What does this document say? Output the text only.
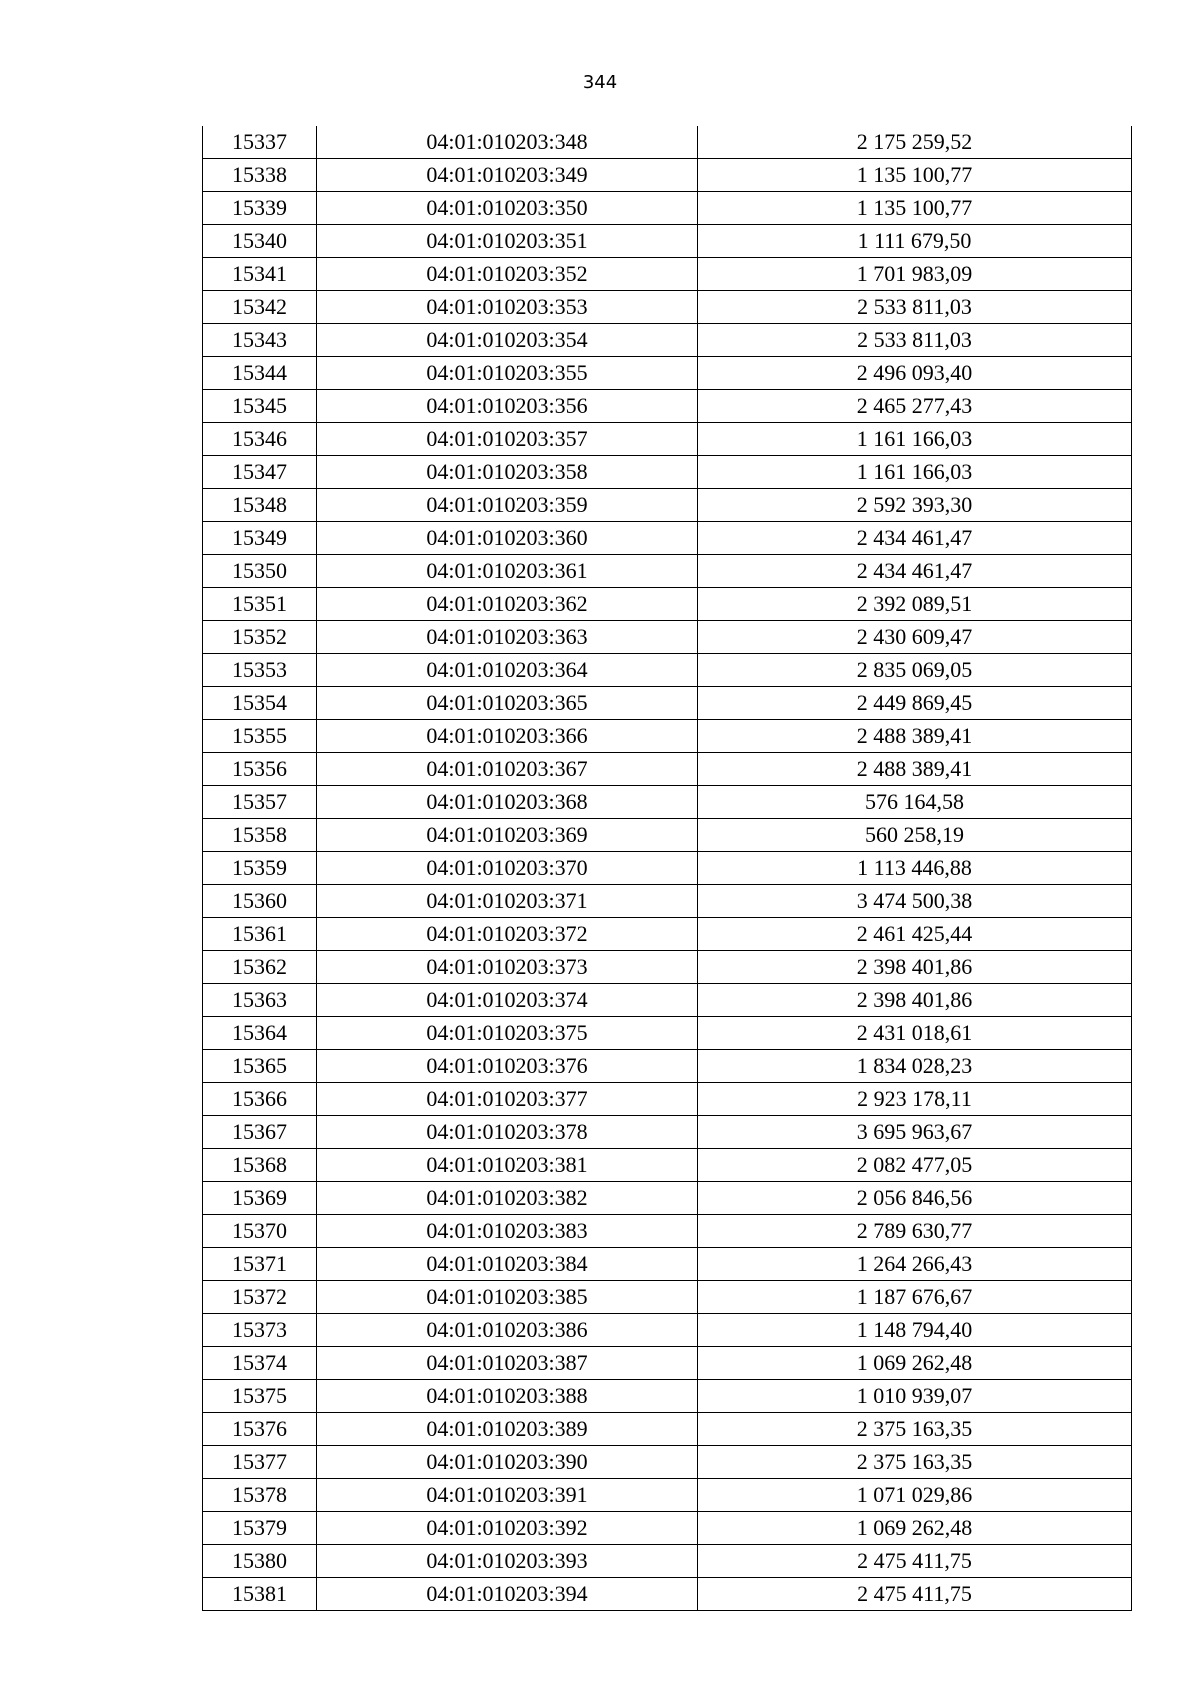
344
15337	04:01:010203:348	2 175 259,52
15338	04:01:010203:349	1 135 100,77
15339	04:01:010203:350	1 135 100,77
15340	04:01:010203:351	1 111 679,50
15341	04:01:010203:352	1 701 983,09
15342	04:01:010203:353	2 533 811,03
15343	04:01:010203:354	2 533 811,03
15344	04:01:010203:355	2 496 093,40
15345	04:01:010203:356	2 465 277,43
15346	04:01:010203:357	1 161 166,03
15347	04:01:010203:358	1 161 166,03
15348	04:01:010203:359	2 592 393,30
15349	04:01:010203:360	2 434 461,47
15350	04:01:010203:361	2 434 461,47
15351	04:01:010203:362	2 392 089,51
15352	04:01:010203:363	2 430 609,47
15353	04:01:010203:364	2 835 069,05
15354	04:01:010203:365	2 449 869,45
15355	04:01:010203:366	2 488 389,41
15356	04:01:010203:367	2 488 389,41
15357	04:01:010203:368	576 164,58
15358	04:01:010203:369	560 258,19
15359	04:01:010203:370	1 113 446,88
15360	04:01:010203:371	3 474 500,38
15361	04:01:010203:372	2 461 425,44
15362	04:01:010203:373	2 398 401,86
15363	04:01:010203:374	2 398 401,86
15364	04:01:010203:375	2 431 018,61
15365	04:01:010203:376	1 834 028,23
15366	04:01:010203:377	2 923 178,11
15367	04:01:010203:378	3 695 963,67
15368	04:01:010203:381	2 082 477,05
15369	04:01:010203:382	2 056 846,56
15370	04:01:010203:383	2 789 630,77
15371	04:01:010203:384	1 264 266,43
15372	04:01:010203:385	1 187 676,67
15373	04:01:010203:386	1 148 794,40
15374	04:01:010203:387	1 069 262,48
15375	04:01:010203:388	1 010 939,07
15376	04:01:010203:389	2 375 163,35
15377	04:01:010203:390	2 375 163,35
15378	04:01:010203:391	1 071 029,86
15379	04:01:010203:392	1 069 262,48
15380	04:01:010203:393	2 475 411,75
15381	04:01:010203:394	2 475 411,75
